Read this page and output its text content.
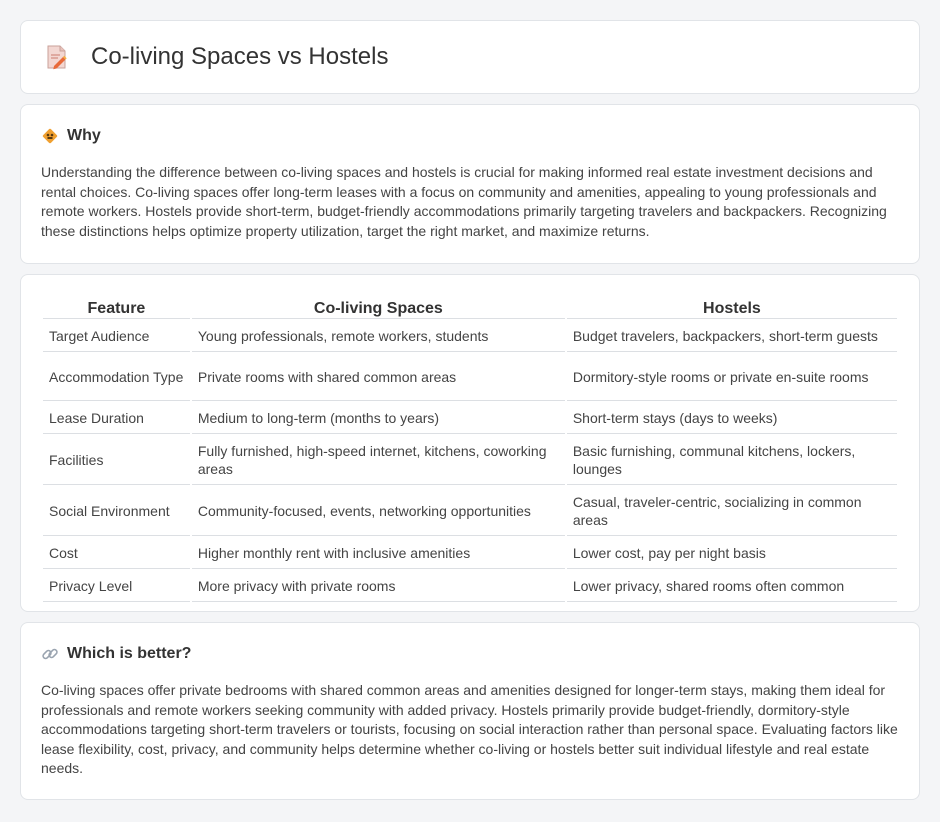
Co-living Spaces vs Hostels
Why

Understanding the difference between co-living spaces and hostels is crucial for making informed real estate investment decisions and rental choices. Co-living spaces offer long-term leases with a focus on community and amenities, appealing to young professionals and remote workers. Hostels provide short-term, budget-friendly accommodations primarily targeting travelers and backpackers. Recognizing these distinctions helps optimize property utilization, target the right market, and maximize returns.

Feature	Co-living Spaces	Hostels
Target Audience	Young professionals, remote workers, students	Budget travelers, backpackers, short-term guests
Accommodation Type	Private rooms with shared common areas	Dormitory-style rooms or private en-suite rooms
Lease Duration	Medium to long-term (months to years)	Short-term stays (days to weeks)
Facilities	Fully furnished, high-speed internet, kitchens, coworking areas	Basic furnishing, communal kitchens, lockers, lounges
Social Environment	Community-focused, events, networking opportunities	Casual, traveler-centric, socializing in common areas
Cost	Higher monthly rent with inclusive amenities	Lower cost, pay per night basis
Privacy Level	More privacy with private rooms	Lower privacy, shared rooms often common
Which is better?

Co-living spaces offer private bedrooms with shared common areas and amenities designed for longer-term stays, making them ideal for professionals and remote workers seeking community with added privacy. Hostels primarily provide budget-friendly, dormitory-style accommodations targeting short-term travelers or tourists, focusing on social interaction rather than personal space. Evaluating factors like lease flexibility, cost, privacy, and community helps determine whether co-living or hostels better suit individual lifestyle and real estate needs.
